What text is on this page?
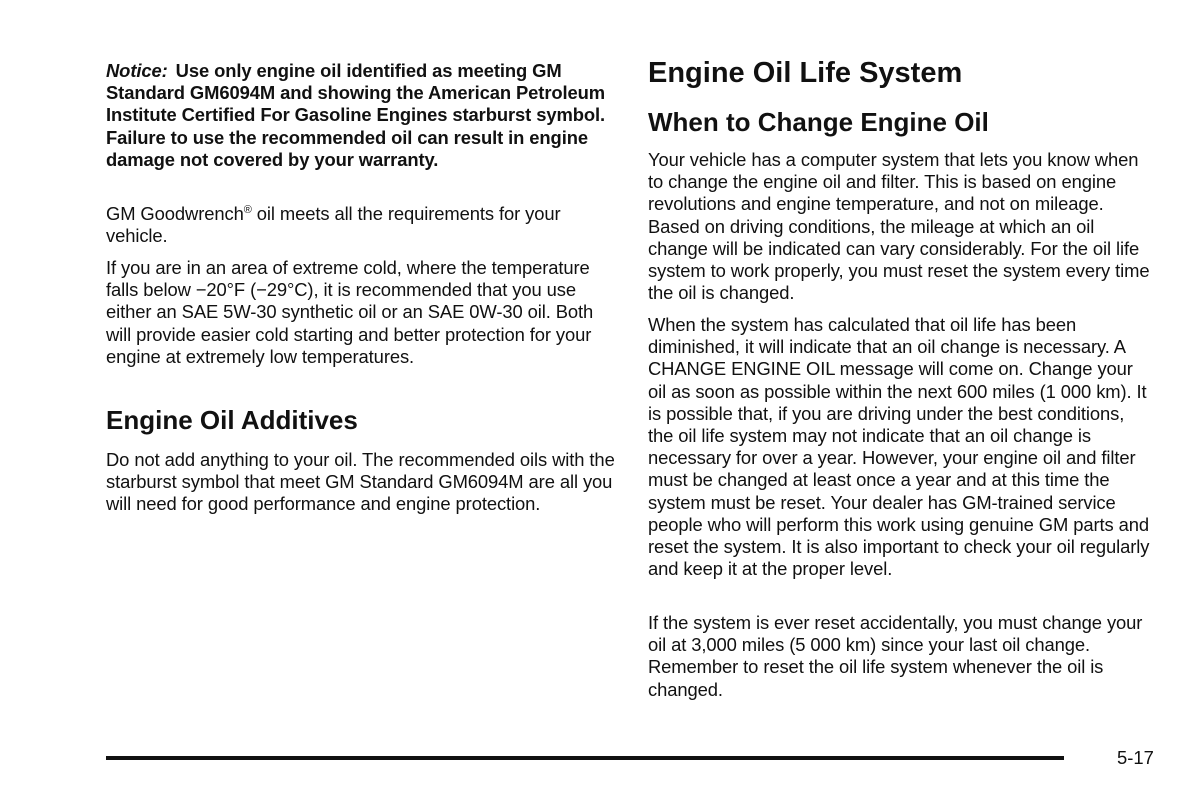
Notice: Use only engine oil identified as meeting GM Standard GM6094M and showing the American Petroleum Institute Certified For Gasoline Engines starburst symbol. Failure to use the recommended oil can result in engine damage not covered by your warranty.

GM Goodwrench® oil meets all the requirements for your vehicle.

If you are in an area of extreme cold, where the temperature falls below −20°F (−29°C), it is recommended that you use either an SAE 5W-30 synthetic oil or an SAE 0W-30 oil. Both will provide easier cold starting and better protection for your engine at extremely low temperatures.

Engine Oil Additives

Do not add anything to your oil. The recommended oils with the starburst symbol that meet GM Standard GM6094M are all you will need for good performance and engine protection.

Engine Oil Life System
When to Change Engine Oil

Your vehicle has a computer system that lets you know when to change the engine oil and filter. This is based on engine revolutions and engine temperature, and not on mileage. Based on driving conditions, the mileage at which an oil change will be indicated can vary considerably. For the oil life system to work properly, you must reset the system every time the oil is changed.

When the system has calculated that oil life has been diminished, it will indicate that an oil change is necessary. A CHANGE ENGINE OIL message will come on. Change your oil as soon as possible within the next 600 miles (1 000 km). It is possible that, if you are driving under the best conditions, the oil life system may not indicate that an oil change is necessary for over a year. However, your engine oil and filter must be changed at least once a year and at this time the system must be reset. Your dealer has GM-trained service people who will perform this work using genuine GM parts and reset the system. It is also important to check your oil regularly and keep it at the proper level.

If the system is ever reset accidentally, you must change your oil at 3,000 miles (5 000 km) since your last oil change. Remember to reset the oil life system whenever the oil is changed.

5-17
